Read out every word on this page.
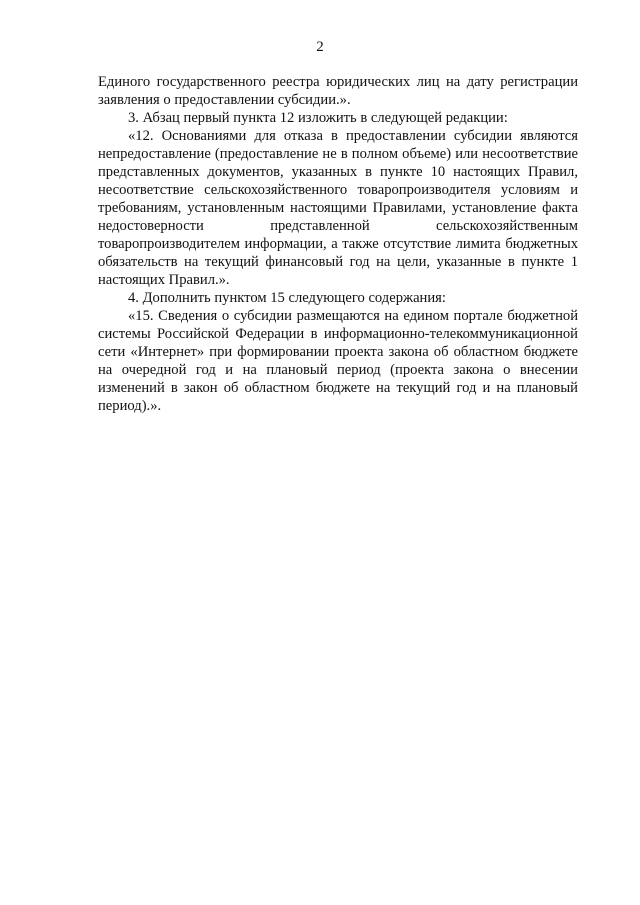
2

Единого государственного реестра юридических лиц на дату регистрации заявления о предоставлении субсидии.».

3. Абзац первый пункта 12 изложить в следующей редакции:

«12. Основаниями для отказа в предоставлении субсидии являются непредоставление (предоставление не в полном объеме) или несоответствие представленных документов, указанных в пункте 10 настоящих Правил, несоответствие сельскохозяйственного товаропроизводителя условиям и требованиям, установленным настоящими Правилами, установление факта недостоверности представленной сельскохозяйственным товаропроизводителем информации, а также отсутствие лимита бюджетных обязательств на текущий финансовый год на цели, указанные в пункте 1 настоящих Правил.».

4. Дополнить пунктом 15 следующего содержания:

«15. Сведения о субсидии размещаются на едином портале бюджетной системы Российской Федерации в информационно-телекоммуникационной сети «Интернет» при формировании проекта закона об областном бюджете на очередной год и на плановый период (проекта закона о внесении изменений в закон об областном бюджете на текущий год и на плановый период).».
